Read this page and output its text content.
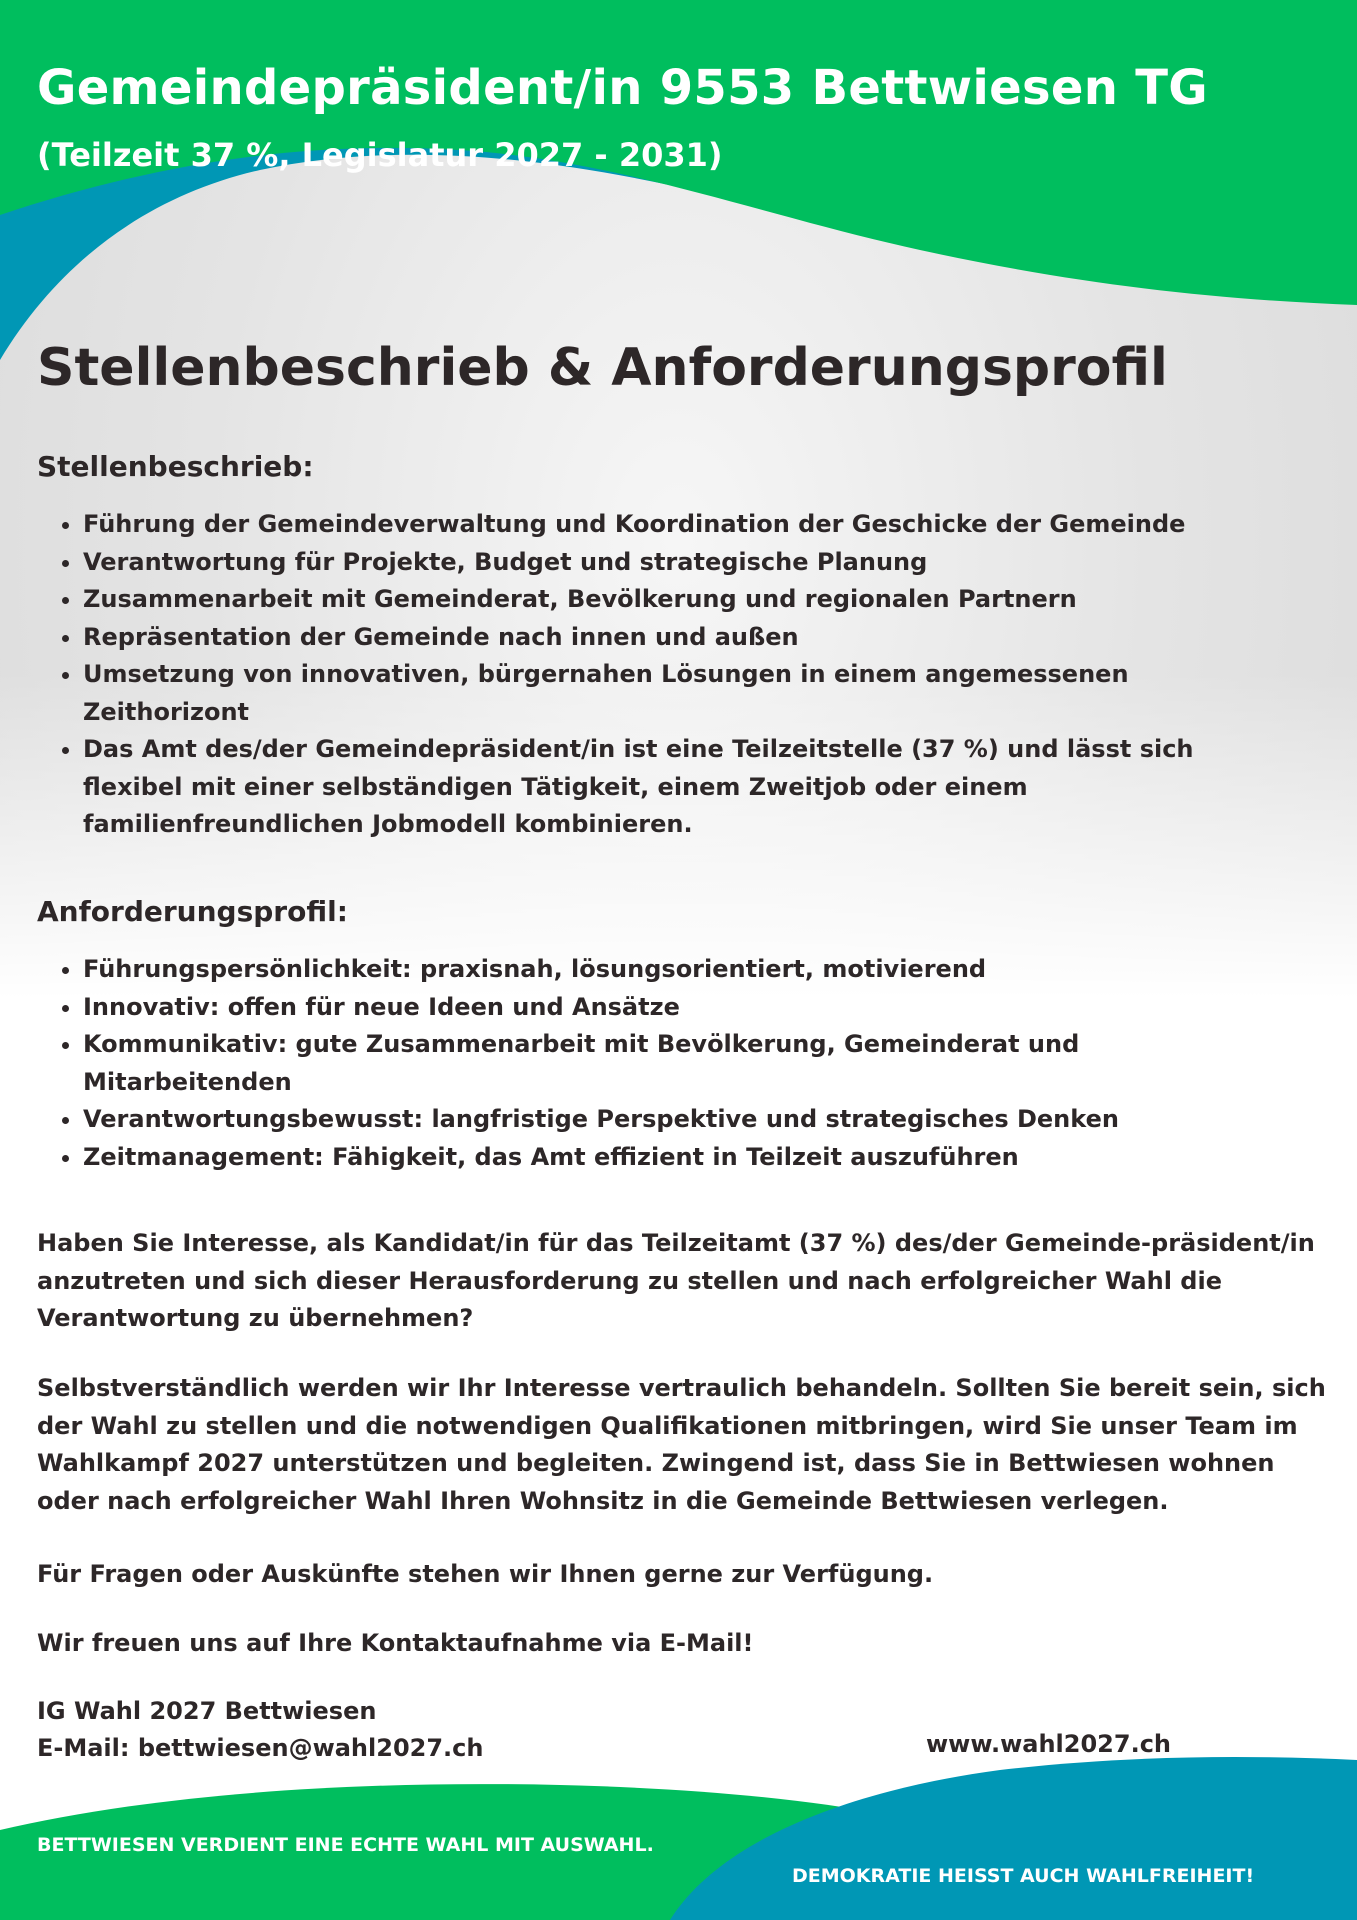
Gemeindepräsident/in 9553 Bettwiesen TG
(Teilzeit 37 %, Legislatur 2027 - 2031)
Stellenbeschrieb & Anforderungsprofil
Stellenbeschrieb:
• Führung der Gemeindeverwaltung und Koordination der Geschicke der Gemeinde
• Verantwortung für Projekte, Budget und strategische Planung
• Zusammenarbeit mit Gemeinderat, Bevölkerung und regionalen Partnern
• Repräsentation der Gemeinde nach innen und außen
• Umsetzung von innovativen, bürgernahen Lösungen in einem angemessenen Zeithorizont
• Das Amt des/der Gemeindepräsident/in ist eine Teilzeitstelle (37 %) und lässt sich flexibel mit einer selbständigen Tätigkeit, einem Zweitjob oder einem familienfreundlichen Jobmodell kombinieren.
Anforderungsprofil:
• Führungspersönlichkeit: praxisnah, lösungsorientiert, motivierend
• Innovativ: offen für neue Ideen und Ansätze
• Kommunikativ: gute Zusammenarbeit mit Bevölkerung, Gemeinderat und Mitarbeitenden
• Verantwortungsbewusst: langfristige Perspektive und strategisches Denken
• Zeitmanagement: Fähigkeit, das Amt effizient in Teilzeit auszuführen

Haben Sie Interesse, als Kandidat/in für das Teilzeitamt (37 %) des/der Gemeinde-präsident/in anzutreten und sich dieser Herausforderung zu stellen und nach erfolgreicher Wahl die Verantwortung zu übernehmen?

Selbstverständlich werden wir Ihr Interesse vertraulich behandeln. Sollten Sie bereit sein, sich der Wahl zu stellen und die notwendigen Qualifikationen mitbringen, wird Sie unser Team im Wahlkampf 2027 unterstützen und begleiten. Zwingend ist, dass Sie in Bettwiesen wohnen oder nach erfolgreicher Wahl Ihren Wohnsitz in die Gemeinde Bettwiesen verlegen.

Für Fragen oder Auskünfte stehen wir Ihnen gerne zur Verfügung.

Wir freuen uns auf Ihre Kontaktaufnahme via E-Mail!

IG Wahl 2027 Bettwiesen

E-Mail: bettwiesen@wahl2027.ch	www.wahl2027.ch
BETTWIESEN VERDIENT EINE ECHTE WAHL MIT AUSWAHL.
DEMOKRATIE HEISST AUCH WAHLFREIHEIT!
